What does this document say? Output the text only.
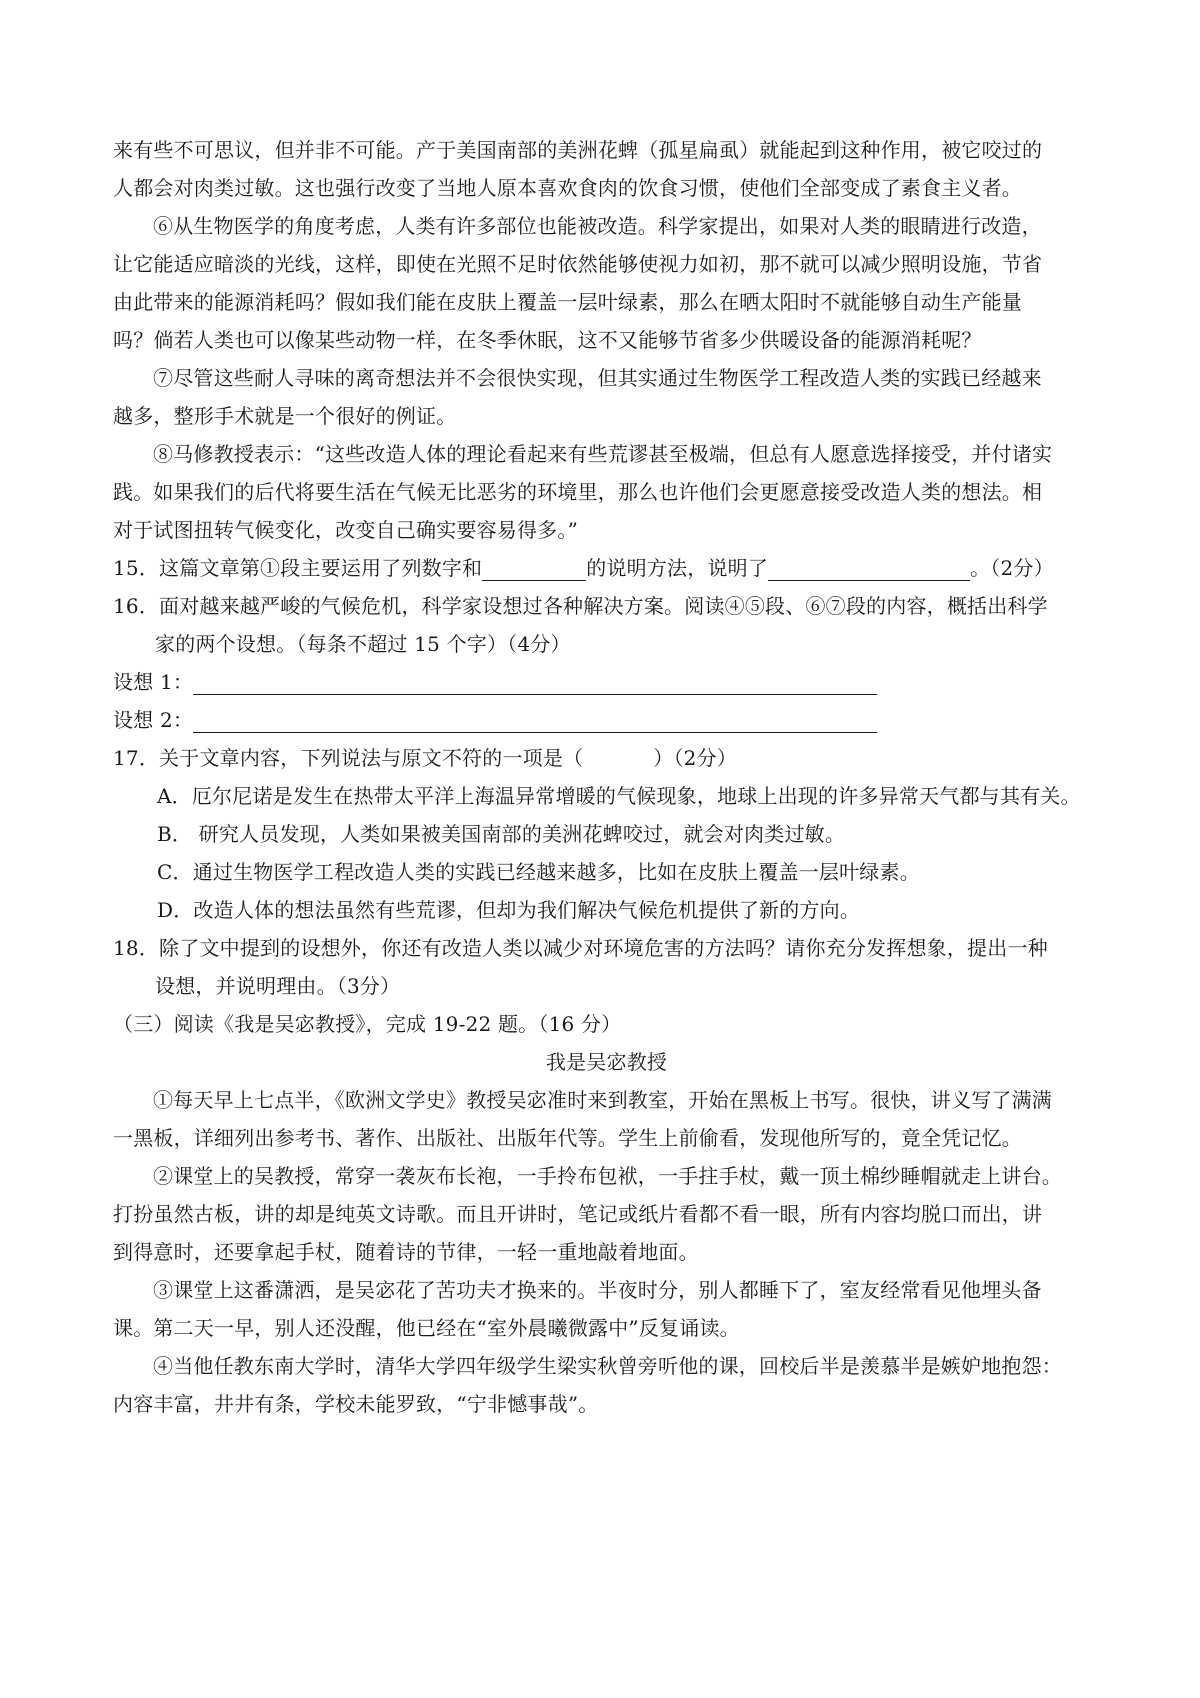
来有些不可思议，但并非不可能。产于美国南部的美洲花蜱（孤星扁虱）就能起到这种作用，被它咬过的
人都会对肉类过敏。这也强行改变了当地人原本喜欢食肉的饮食习惯，使他们全部变成了素食主义者。
⑥从生物医学的角度考虑，人类有许多部位也能被改造。科学家提出，如果对人类的眼睛进行改造，
让它能适应暗淡的光线，这样，即使在光照不足时依然能够使视力如初，那不就可以减少照明设施，节省
由此带来的能源消耗吗？假如我们能在皮肤上覆盖一层叶绿素，那么在晒太阳时不就能够自动生产能量
吗？倘若人类也可以像某些动物一样，在冬季休眠，这不又能够节省多少供暖设备的能源消耗呢？
⑦尽管这些耐人寻味的离奇想法并不会很快实现，但其实通过生物医学工程改造人类的实践已经越来
越多，整形手术就是一个很好的例证。
⑧马修教授表示：“这些改造人体的理论看起来有些荒谬甚至极端，但总有人愿意选择接受，并付诸实
践。如果我们的后代将要生活在气候无比恶劣的环境里，那么也许他们会更愿意接受改造人类的想法。相
对于试图扭转气候变化，改变自己确实要容易得多。”
15．这篇文章第①段主要运用了列数字和	的说明方法，说明了	。（2分）
16．面对越来越严峻的气候危机，科学家设想过各种解决方案。阅读④⑤段、⑥⑦段的内容，概括出科学
家的两个设想。（每条不超过 15 个字）（4分）
设想 1：
设想 2：
17．关于文章内容，下列说法与原文不符的一项是（	）（2分）
A．厄尔尼诺是发生在热带太平洋上海温异常增暖的气候现象，地球上出现的许多异常天气都与其有关。
B． 研究人员发现，人类如果被美国南部的美洲花蜱咬过，就会对肉类过敏。
C．通过生物医学工程改造人类的实践已经越来越多，比如在皮肤上覆盖一层叶绿素。
D．改造人体的想法虽然有些荒谬，但却为我们解决气候危机提供了新的方向。
18．除了文中提到的设想外，你还有改造人类以减少对环境危害的方法吗？请你充分发挥想象，提出一种
设想，并说明理由。（3分）
（三）阅读《我是吴宓教授》，完成 19-22 题。（16 分）
我是吴宓教授
①每天早上七点半，《欧洲文学史》教授吴宓准时来到教室，开始在黑板上书写。很快，讲义写了满满
一黑板，详细列出参考书、著作、出版社、出版年代等。学生上前偷看，发现他所写的，竟全凭记忆。
②课堂上的吴教授，常穿一袭灰布长袍，一手拎布包袱，一手拄手杖，戴一顶土棉纱睡帽就走上讲台。
打扮虽然古板，讲的却是纯英文诗歌。而且开讲时，笔记或纸片看都不看一眼，所有内容均脱口而出，讲
到得意时，还要拿起手杖，随着诗的节律，一轻一重地敲着地面。
③课堂上这番潇洒，是吴宓花了苦功夫才换来的。半夜时分，别人都睡下了，室友经常看见他埋头备
课。第二天一早，别人还没醒，他已经在“室外晨曦微露中”反复诵读。
④当他任教东南大学时，清华大学四年级学生梁实秋曾旁听他的课，回校后半是羡慕半是嫉妒地抱怨：
内容丰富，井井有条，学校未能罗致，“宁非憾事哉”。
